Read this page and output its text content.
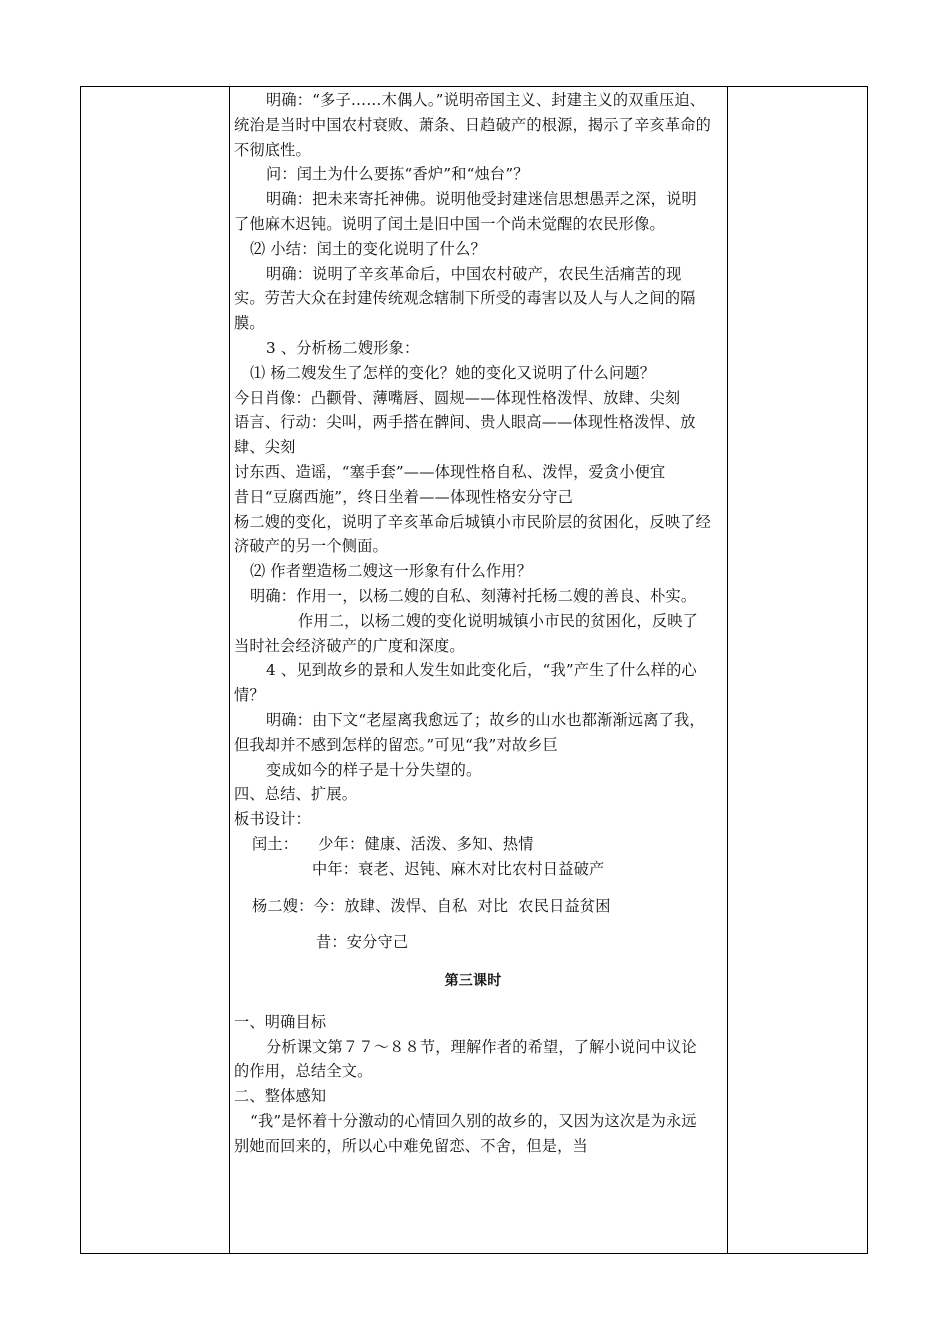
明确：“多子……木偶人。”说明帝国主义、封建主义的双重压迫、统治是当时中国农村衰败、萧条、日趋破产的根源，揭示了辛亥革命的不彻底性。

问：闰土为什么要拣“香炉”和“烛台”？

明确：把未来寄托神佛。说明他受封建迷信思想愚弄之深，说明了他麻木迟钝。说明了闰土是旧中国一个尚未觉醒的农民形像。

⑵ 小结：闰土的变化说明了什么？

明确：说明了辛亥革命后，中国农村破产，农民生活痛苦的现实。劳苦大众在封建传统观念辖制下所受的毒害以及人与人之间的隔膜。

3 、分析杨二嫂形象：

⑴ 杨二嫂发生了怎样的变化？她的变化又说明了什么问题？

今日肖像：凸颧骨、薄嘴唇、圆规——体现性格泼悍、放肆、尖刻

语言、行动：尖叫，两手搭在髀间、贵人眼高——体现性格泼悍、放肆、尖刻

讨东西、造谣，“塞手套”——体现性格自私、泼悍，爱贪小便宜

昔日“豆腐西施”，终日坐着——体现性格安分守己

杨二嫂的变化，说明了辛亥革命后城镇小市民阶层的贫困化，反映了经济破产的另一个侧面。

⑵ 作者塑造杨二嫂这一形象有什么作用？

明确：作用一，以杨二嫂的自私、刻薄衬托杨二嫂的善良、朴实。

作用二，以杨二嫂的变化说明城镇小市民的贫困化，反映了当时社会经济破产的广度和深度。

4 、见到故乡的景和人发生如此变化后，“我”产生了什么样的心情？

明确：由下文“老屋离我愈远了；故乡的山水也都渐渐远离了我，但我却并不感到怎样的留恋。”可见“我”对故乡巨

变成如今的样子是十分失望的。

四、总结、扩展。

板书设计：

闰土：    少年：健康、活泼、多知、热情

中年：衰老、迟钝、麻木对比农村日益破产

杨二嫂：今：放肆、泼悍、自私  对比  农民日益贫困

昔：安分守己

第三课时

一、明确目标

分析课文第７７～８８节，理解作者的希望，了解小说问中议论的作用，总结全文。

二、整体感知

“我”是怀着十分激动的心情回久别的故乡的，又因为这次是为永远别她而回来的，所以心中难免留恋、不舍，但是，当
